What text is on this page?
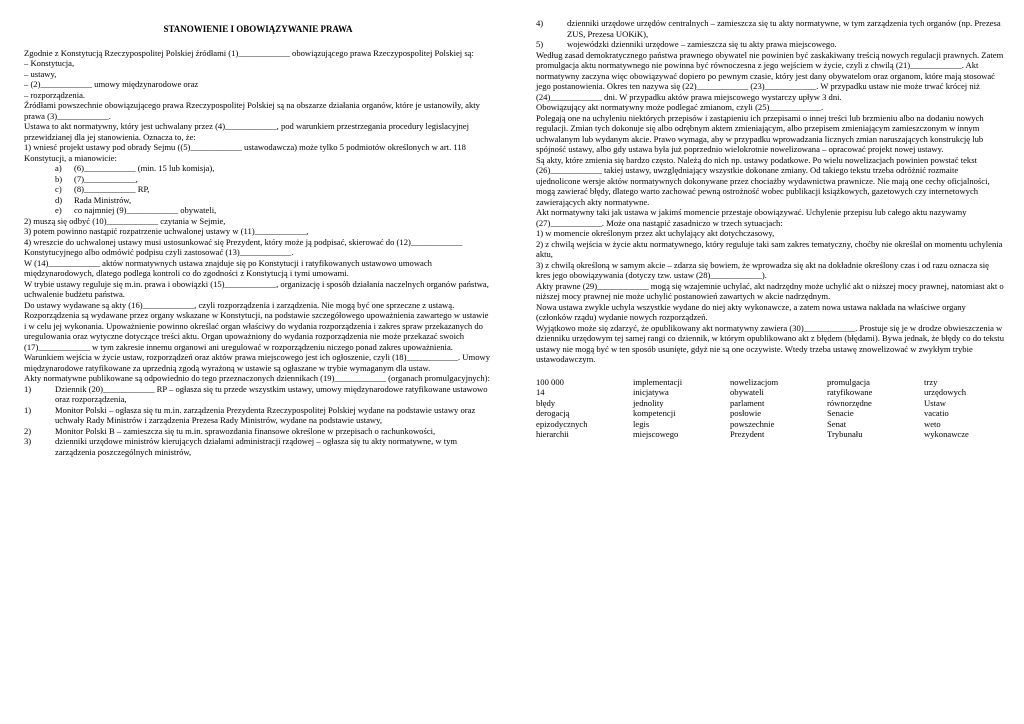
STANOWIENIE I OBOWIĄZYWANIE PRAWA
Zgodnie z Konstytucją Rzeczypospolitej Polskiej źródłami (1)____________ obowiązującego prawa Rzeczypospolitej Polskiej są:
– Konstytucja,
– ustawy,
– (2)____________ umowy międzynarodowe oraz
– rozporządzenia.
Źródłami powszechnie obowiązującego prawa Rzeczypospolitej Polskiej są na obszarze działania organów, które je ustanowiły, akty prawa (3)____________.
Ustawa to akt normatywny, który jest uchwalany przez (4)____________, pod warunkiem przestrzegania procedury legislacyjnej przewidzianej dla jej stanowienia. Oznacza to, że:
1) wniesć projekt ustawy pod obrady Sejmu ((5)____________ ustawodawcza) może tylko 5 podmiotów określonych w art. 118 Konstytucji, a mianowicie:
a) (6)____________ (min. 15 lub komisja),
b) (7)____________,
c) (8)____________ RP,
d) Rada Ministrów,
e) co najmniej (9)____________ obywateli,
2) muszą się odbyć (10)____________ czytania w Sejmie,
3) potem powinno nastąpić rozpatrzenie uchwalonej ustawy w (11)____________,
4) wreszcie do uchwalonej ustawy musi ustosunkować się Prezydent, który może ją podpisać, skierować do (12)____________ Konstytucyjnego albo odmówić podpisu czyli zastosować (13)____________.
W (14)____________ aktów normatywnych ustawa znajduje się po Konstytucji i ratyfikowanych ustawowo umowach międzynarodowych, dlatego podlega kontroli co do zgodności z Konstytucją i tymi umowami.
W trybie ustawy reguluje się m.in. prawa i obowiązki (15)____________, organizację i sposób działania naczelnych organów państwa, uchwalenie budżetu państwa.
Do ustawy wydawane są akty (16)____________, czyli rozporządzenia i zarządzenia. Nie mogą być one sprzeczne z ustawą. Rozporządzenia są wydawane przez organy wskazane w Konstytucji, na podstawie szczegółowego upoważnienia zawartego w ustawie i w celu jej wykonania. Upoważnienie powinno określać organ właściwy do wydania rozporządzenia i zakres spraw przekazanych do uregulowania oraz wytyczne dotyczące treści aktu. Organ upoważniony do wydania rozporządzenia nie może przekazać swoich (17)____________ w tym zakresie innemu organowi ani uregulować w rozporządzeniu niczego ponad zakres upoważnienia.
Warunkiem wejścia w życie ustaw, rozporządzeń oraz aktów prawa miejscowego jest ich ogłoszenie, czyli (18)____________. Umowy międzynarodowe ratyfikowane za uprzednią zgodą wyrażoną w ustawie są ogłaszane w trybie wymaganym dla ustaw.
Akty normatywne publikowane są odpowiednio do tego przeznaczonych dziennikach (19)____________ (organach promulgacyjnych):
1)	Dziennik (20)____________ RP – ogłasza się tu przede wszystkim ustawy, umowy międzynarodowe ratyfikowane ustawowo oraz rozporządzenia,
1)	Monitor Polski – ogłasza się tu m.in. zarządzenia Prezydenta Rzeczypospolitej Polskiej wydane na podstawie ustawy oraz uchwały Rady Ministrów i zarządzenia Prezesa Rady Ministrów, wydane na podstawie ustawy,
2)	Monitor Polski B – zamieszcza się tu m.in. sprawozdania finansowe określone w przepisach o rachunkowości,
3)	dzienniki urzędowe ministrów kierujących działami administracji rządowej – ogłasza się tu akty normatywne, w tym zarządzenia poszczególnych ministrów,
4)	dzienniki urzędowe urzędów centralnych – zamieszcza się tu akty normatywne, w tym zarządzenia tych organów (np. Prezesa ZUS, Prezesa UOKiK),
5)	wojewódzki dzienniki urzędowe – zamieszcza się tu akty prawa miejscowego.
Według zasad demokratycznego państwa prawnego obywatel nie powinien być zaskakiwany treścią nowych regulacji prawnych. Zatem promulgacja aktu normatywnego nie powinna być równoczesna z jego wejściem w życie, czyli z chwilą (21)____________. Akt normatywny zaczyna więc obowiązywać dopiero po pewnym czasie, który jest dany obywatelom oraz organom, które mają stosować jego postanowienia. Okres ten nazywa się (22)____________ (23)____________. W przypadku ustaw nie może trwać krócej niż (24)____________ dni. W przypadku aktów prawa miejscowego wystarczy upływ 3 dni.
Obowiązujący akt normatywny może podlegać zmianom, czyli (25)____________.
Polegają one na uchyleniu niektórych przepisów i zastąpieniu ich przepisami o innej treści lub brzmieniu albo na dodaniu nowych regulacji. Zmian tych dokonuje się albo odrębnym aktem zmieniającym, albo przepisem zmieniającym zamieszczonym w innym uchwalanym lub wydanym akcie. Prawo wymaga, aby w przypadku wprowadzania licznych zmian naruszających konstrukcję lub spójność ustawy, albo gdy ustawa była już poprzednio wielokrotnie nowelizowana – opracować projekt nowej ustawy.
Są akty, które zmienia się bardzo często. Należą do nich np. ustawy podatkowe. Po wielu nowelizacjach powinien powstać tekst (26)____________ takiej ustawy, uwzględniający wszystkie dokonane zmiany. Od takiego tekstu trzeba odróżnić rozmaite ujednolicone wersje aktów normatywnych dokonywane przez chociażby wydawnictwa prawnicze. Nie mają one cechy oficjalności, mogą zawierać błędy, dlatego warto zachować pewną ostrożność wobec publikacji książkowych, gazetowych czy internetowych zawierających akty normatywne.
Akt normatywny taki jak ustawa w jakimś momencie przestaje obowiązywać. Uchylenie przepisu lub całego aktu nazywamy (27)____________. Może ona nastąpić zasadniczo w trzech sytuacjach:
1) w momencie określonym przez akt uchylający akt dotychczasowy,
2) z chwilą wejścia w życie aktu normatywnego, który reguluje taki sam zakres tematyczny, choćby nie określał on momentu uchylenia aktu,
3) z chwilą określoną w samym akcie – zdarza się bowiem, że wprowadza się akt na dokładnie określony czas i od razu oznacza się kres jego obowiązywania (dotyczy tzw. ustaw (28)____________).
Akty prawne (29)____________ mogą się wzajemnie uchylać, akt nadrzędny może uchylić akt o niższej mocy prawnej, natomiast akt o niższej mocy prawnej nie może uchylić postanowień zawartych w akcie nadrzędnym.
Nowa ustawa zwykle uchyla wszystkie wydane do niej akty wykonawcze, a zatem nowa ustawa nakłada na właściwe organy (członków rządu) wydanie nowych rozporządzeń.
Wyjątkowo może się zdarzyć, że opublikowany akt normatywny zawiera (30)____________. Prostuje się je w drodze obwieszczenia w dzienniku urzędowym tej samej rangi co dziennik, w którym opublikowano akt z błędem (błędami). Bywa jednak, że błędy co do tekstu ustawy nie mogą być w ten sposób usunięte, gdyż nie są one oczywiste. Wtedy trzeba ustawę znowelizować w zwykłym trybie ustawodawczym.
100 000	implementacji	nowelizacjom	promulgacja	trzy
14	inicjatywa	obywateli	ratyfikowane	urzędowych
błędy	jednolity	parlament	równorzędne	Ustaw
derogacją	kompetencji	posłowie	Senacie	vacatio
epizodycznych	legis	powszechnie	Senat	weto
hierarchii	miejscowego	Prezydent	Trybunału	wykonawcze
